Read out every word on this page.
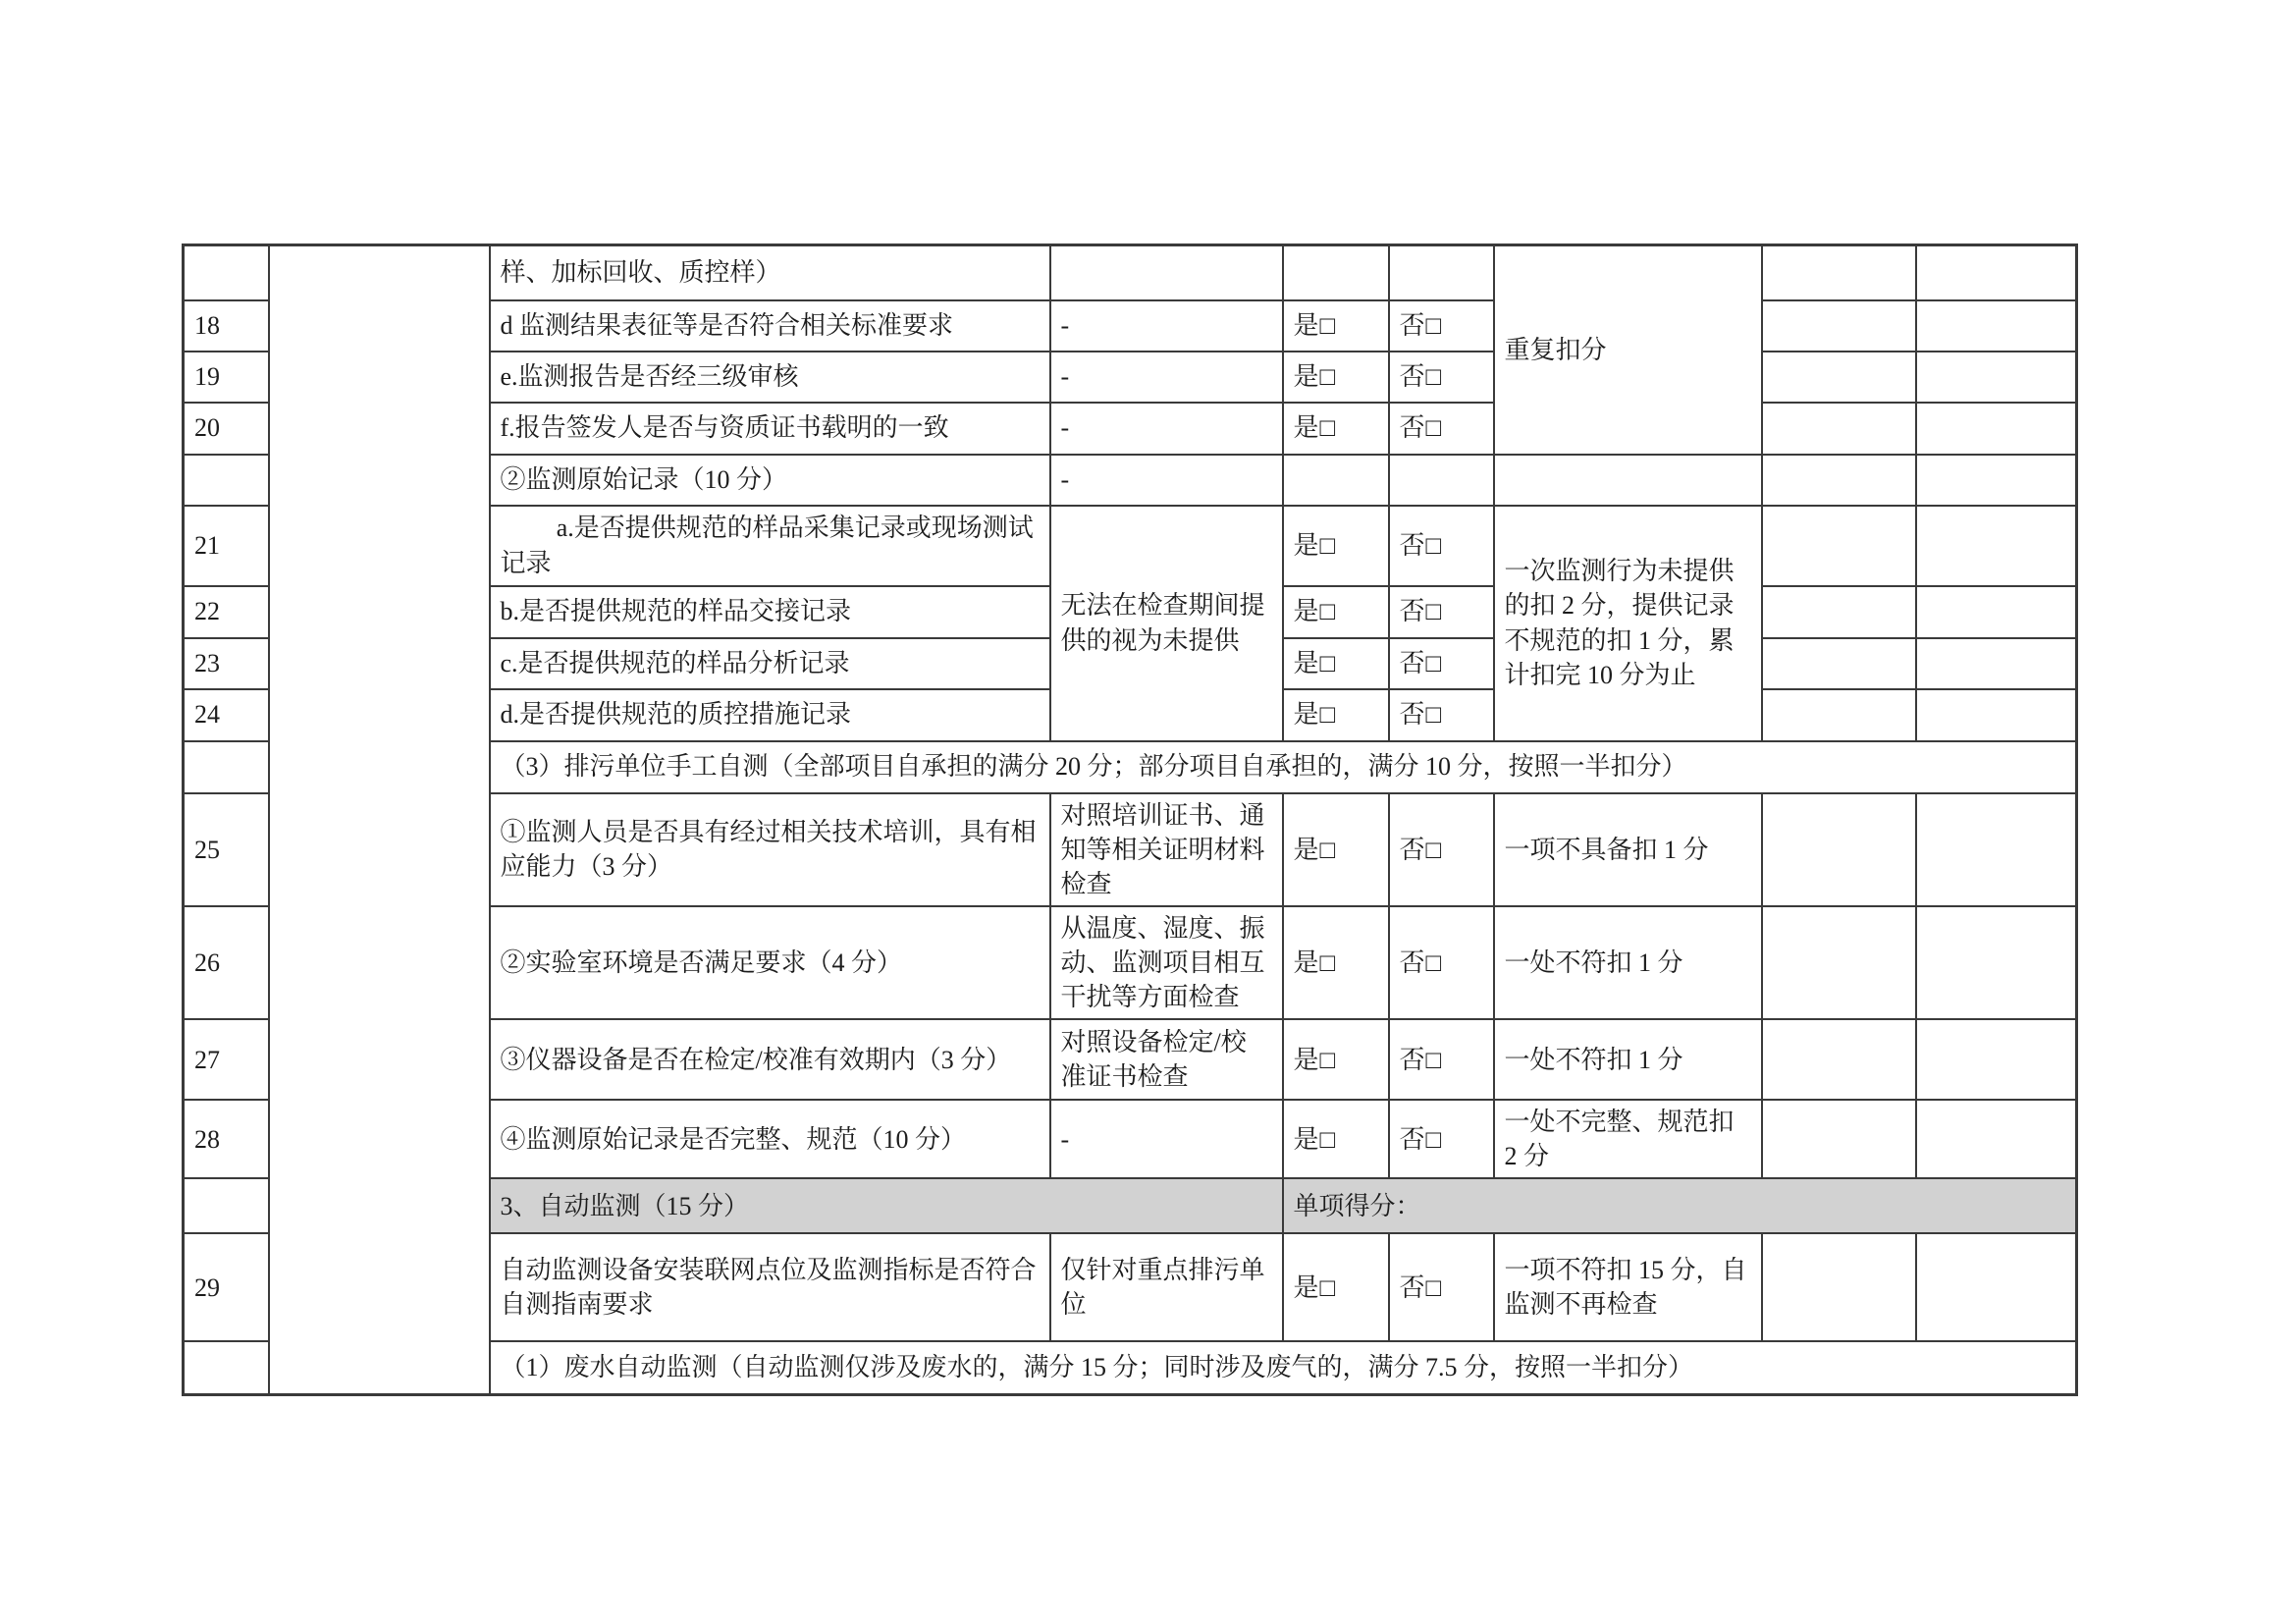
		样、加标回收、质控样）				重复扣分		
18		d 监测结果表征等是否符合相关标准要求	-	是□	否□			
19		e.监测报告是否经三级审核	-	是□	否□			
20		f.报告签发人是否与资质证书载明的一致	-	是□	否□			
		②监测原始记录（10 分）	-					
21		a.是否提供规范的样品采集记录或现场测试记录	无法在检查期间提供的视为未提供	是□	否□	一次监测行为未提供的扣 2 分，提供记录不规范的扣 1 分，累计扣完 10 分为止		
22		b.是否提供规范的样品交接记录		是□	否□			
23		c.是否提供规范的样品分析记录		是□	否□			
24		d.是否提供规范的质控措施记录		是□	否□			
		（3）排污单位手工自测（全部项目自承担的满分 20 分；部分项目自承担的，满分 10 分，按照一半扣分）						
25		①监测人员是否具有经过相关技术培训，具有相应能力（3 分）	对照培训证书、通知等相关证明材料检查	是□	否□	一项不具备扣 1 分		
26		②实验室环境是否满足要求（4 分）	从温度、湿度、振动、监测项目相互干扰等方面检查	是□	否□	一处不符扣 1 分		
27		③仪器设备是否在检定/校准有效期内（3 分）	对照设备检定/校准证书检查	是□	否□	一处不符扣 1 分		
28		④监测原始记录是否完整、规范（10 分）	-	是□	否□	一处不完整、规范扣 2 分		
		3、自动监测（15 分）		单项得分：				
29		自动监测设备安装联网点位及监测指标是否符合自测指南要求	仅针对重点排污单位	是□	否□	一项不符扣 15 分，自监测不再检查		
		（1）废水自动监测（自动监测仅涉及废水的，满分 15 分；同时涉及废气的，满分 7.5 分，按照一半扣分）						
